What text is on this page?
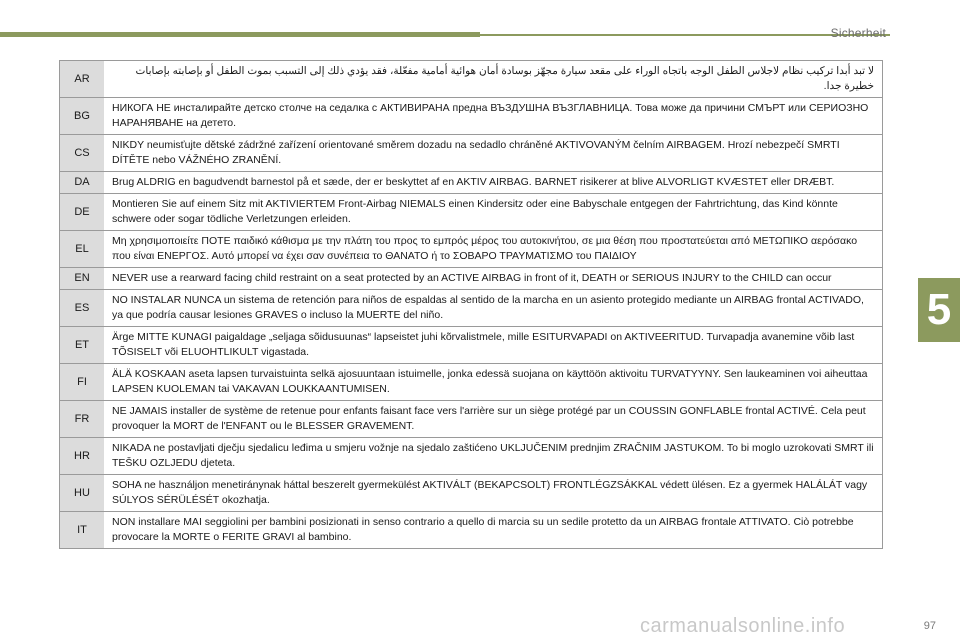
Sicherheit
5
AR	لا تبد أبدا تركيب نظام لاجلاس الطفل الوجه باتجاه الوراء على مقعد سيارة مجهّز بوسادة أمان هوائية أمامية مفعّلة، فقد يؤدي ذلك إلى التسبب بموت الطفل أو بإصابته بإصابات خطيرة جدا.
BG	НИКОГА НЕ инсталирайте детско столче на седалка с АКТИВИРАНА предна ВЪЗДУШНА ВЪЗГЛАВНИЦА. Това може да причини СМЪРТ или СЕРИОЗНО НАРАНЯВАНЕ на детето.
CS	NIKDY neumisťujte dětské zádržné zařízení orientované směrem dozadu na sedadlo chráněné AKTIVOVANÝM čelním AIRBAGEM. Hrozí nebezpečí SMRTI DÍTĚTE nebo VÁŽNÉHO ZRANĚNÍ.
DA	Brug ALDRIG en bagudvendt barnestol på et sæde, der er beskyttet af en AKTIV AIRBAG. BARNET risikerer at blive ALVORLIGT KVÆSTET eller DRÆBT.
DE	Montieren Sie auf einem Sitz mit AKTIVIERTEM Front-Airbag NIEMALS einen Kindersitz oder eine Babyschale entgegen der Fahrtrichtung, das Kind könnte schwere oder sogar tödliche Verletzungen erleiden.
EL	Μη χρησιμοποιείτε ΠΟΤΕ παιδικό κάθισμα με την πλάτη του προς το εμπρός μέρος του αυτοκινήτου, σε μια θέση που προστατεύεται από ΜΕΤΩΠΙΚΟ αερόσακο που είναι ΕΝΕΡΓΟΣ. Αυτό μπορεί να έχει σαν συνέπεια το ΘΑΝΑΤΟ ή το ΣΟΒΑΡΟ ΤΡΑΥΜΑΤΙΣΜΟ του ΠΑΙΔΙΟΥ
EN	NEVER use a rearward facing child restraint on a seat protected by an ACTIVE AIRBAG in front of it, DEATH or SERIOUS INJURY to the CHILD can occur
ES	NO INSTALAR NUNCA un sistema de retención para niños de espaldas al sentido de la marcha en un asiento protegido mediante un AIRBAG frontal ACTIVADO, ya que podría causar lesiones GRAVES o incluso la MUERTE del niño.
ET	Ärge MITTE KUNAGI paigaldage „seljaga sõidusuunas“ lapseistet juhi kõrvalistmele, mille ESITURVAPADI on AKTIVEERITUD. Turvapadja avanemine võib last TÕSISELT või ELUOHTLIKULT vigastada.
FI	ÄLÄ KOSKAAN aseta lapsen turvaistuinta selkä ajosuuntaan istuimelle, jonka edessä suojana on käyttöön aktivoitu TURVATYYNY. Sen laukeaminen voi aiheuttaa LAPSEN KUOLEMAN tai VAKAVAN LOUKKAANTUMISEN.
FR	NE JAMAIS installer de système de retenue pour enfants faisant face vers l'arrière sur un siège protégé par un COUSSIN GONFLABLE frontal ACTIVÉ. Cela peut provoquer la MORT de l'ENFANT ou le BLESSER GRAVEMENT.
HR	NIKADA ne postavljati dječju sjedalicu leđima u smjeru vožnje na sjedalo zaštićeno UKLJUČENIM prednjim ZRAČNIM JASTUKOM. To bi moglo uzrokovati SMRT ili TEŠKU OZLJEDU djeteta.
HU	SOHA ne használjon menetiránynak háttal beszerelt gyermekülést AKTIVÁLT (BEKAPCSOLT) FRONTLÉGZSÁKKAL védett ülésen. Ez a gyermek HALÁLÁT vagy SÚLYOS SÉRÜLÉSÉT okozhatja.
IT	NON installare MAI seggiolini per bambini posizionati in senso contrario a quello di marcia su un sedile protetto da un AIRBAG frontale ATTIVATO. Ciò potrebbe provocare la MORTE o FERITE GRAVI al bambino.
97
carmanualsonline.info
